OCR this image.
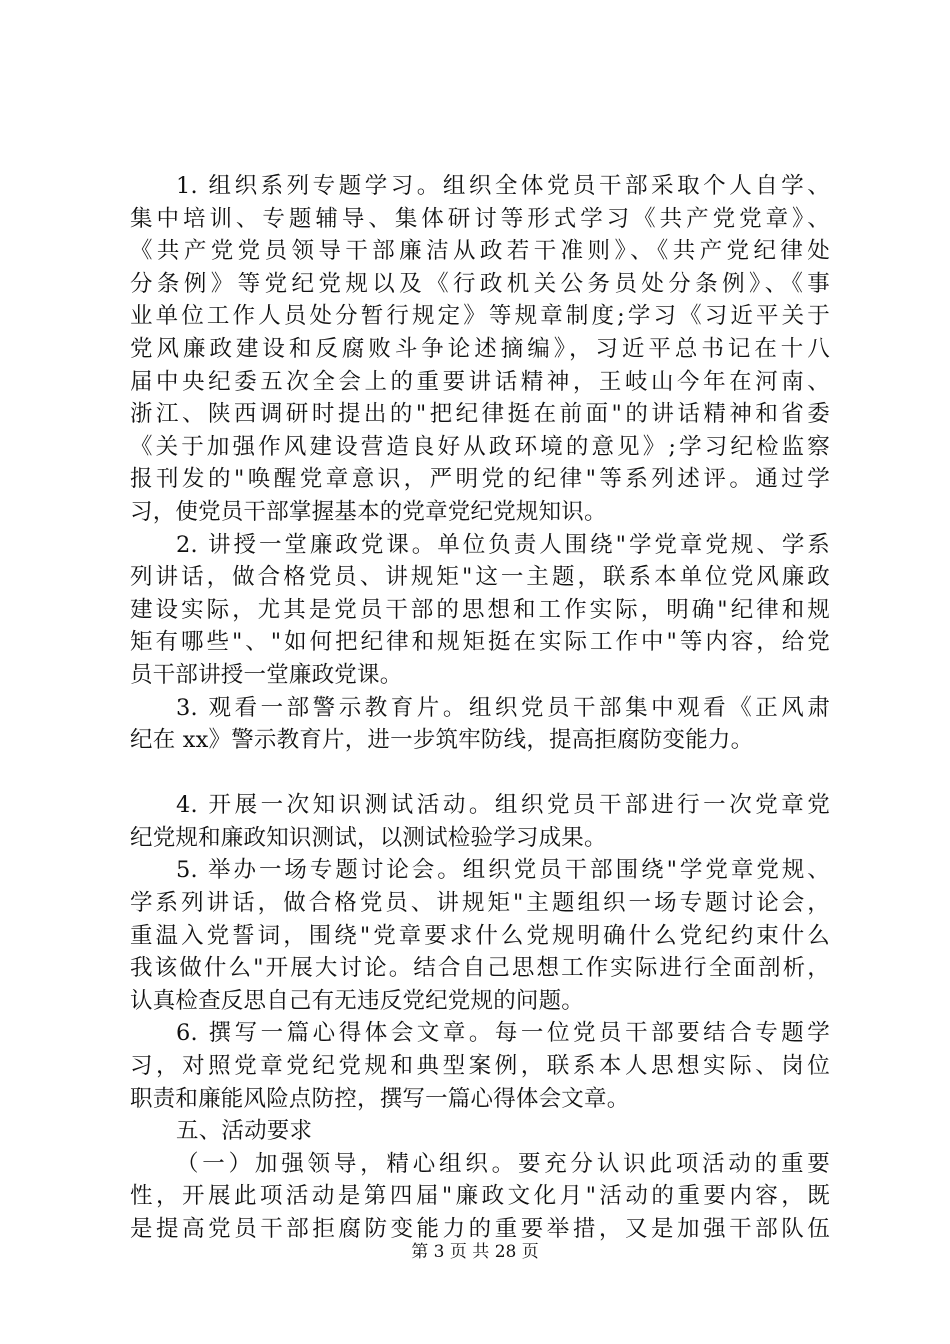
1. 组织系列专题学习。组织全体党员干部采取个人自学、
集中培训、专题辅导、集体研讨等形式学习《共产党党章》、
《共产党党员领导干部廉洁从政若干准则》、《共产党纪律处
分条例》等党纪党规以及《行政机关公务员处分条例》、《事
业单位工作人员处分暂行规定》等规章制度;学习《习近平关于
党风廉政建设和反腐败斗争论述摘编》，习近平总书记在十八
届中央纪委五次全会上的重要讲话精神，王岐山今年在河南、
浙江、陕西调研时提出的"把纪律挺在前面"的讲话精神和省委
《关于加强作风建设营造良好从政环境的意见》;学习纪检监察
报刊发的"唤醒党章意识，严明党的纪律"等系列述评。通过学
习，使党员干部掌握基本的党章党纪党规知识。
2. 讲授一堂廉政党课。单位负责人围绕"学党章党规、学系
列讲话，做合格党员、讲规矩"这一主题，联系本单位党风廉政
建设实际，尤其是党员干部的思想和工作实际，明确"纪律和规
矩有哪些"、"如何把纪律和规矩挺在实际工作中"等内容，给党
员干部讲授一堂廉政党课。
3. 观看一部警示教育片。组织党员干部集中观看《正风肃
纪在 xx》警示教育片，进一步筑牢防线，提高拒腐防变能力。
4. 开展一次知识测试活动。组织党员干部进行一次党章党
纪党规和廉政知识测试，以测试检验学习成果。
5. 举办一场专题讨论会。组织党员干部围绕"学党章党规、
学系列讲话，做合格党员、讲规矩"主题组织一场专题讨论会，
重温入党誓词，围绕"党章要求什么党规明确什么党纪约束什么
我该做什么"开展大讨论。结合自己思想工作实际进行全面剖析，
认真检查反思自己有无违反党纪党规的问题。
6. 撰写一篇心得体会文章。每一位党员干部要结合专题学
习，对照党章党纪党规和典型案例，联系本人思想实际、岗位
职责和廉能风险点防控，撰写一篇心得体会文章。
五、活动要求
（一）加强领导，精心组织。要充分认识此项活动的重要
性，开展此项活动是第四届"廉政文化月"活动的重要内容，既
是提高党员干部拒腐防变能力的重要举措，又是加强干部队伍
第 3 页 共 28 页
